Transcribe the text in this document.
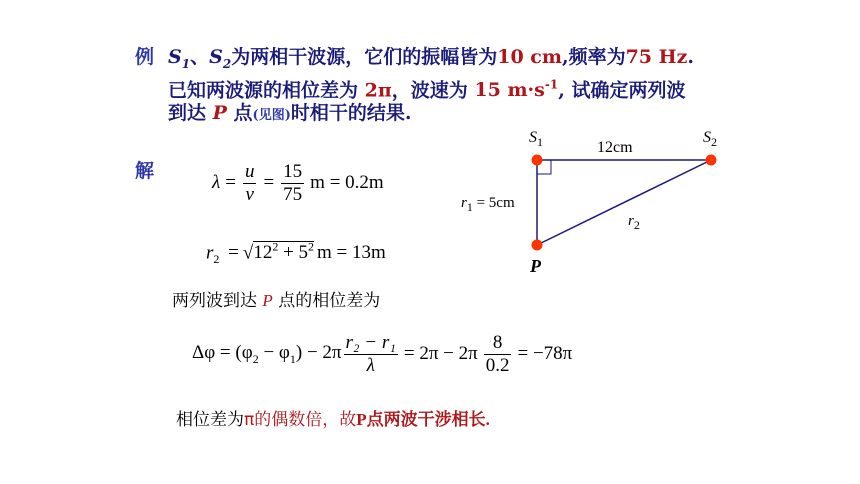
例 $S_1$、$S_2$为两相干波源，它们的振幅皆为10 cm,频率为75 Hz.
已知两波源的相位差为 2π，波速为 15 $m\cdot s^{-1}$, 试确定两列波
到达 P 点(见图)时相干的结果.
解
$\lambda = \frac{u}{\nu} = \frac{15}{75}$ m = 0.2m
$r_2 = √12^2 + 5^2$ m = 13m
两列波到达 P 点的相位差为
$\Delta\varphi = (\varphi_2 - \varphi_1) - 2\pi \frac{\text{r₂ − r₁}}{\lambda} = 2\pi - 2\pi \frac{8}{0.2} = -78\pi$
相位差为π的偶数倍，故P点两波干涉相长.
$S_1$	$S_2$
12cm
$r_1 = 5cm$
$r_2$
P
